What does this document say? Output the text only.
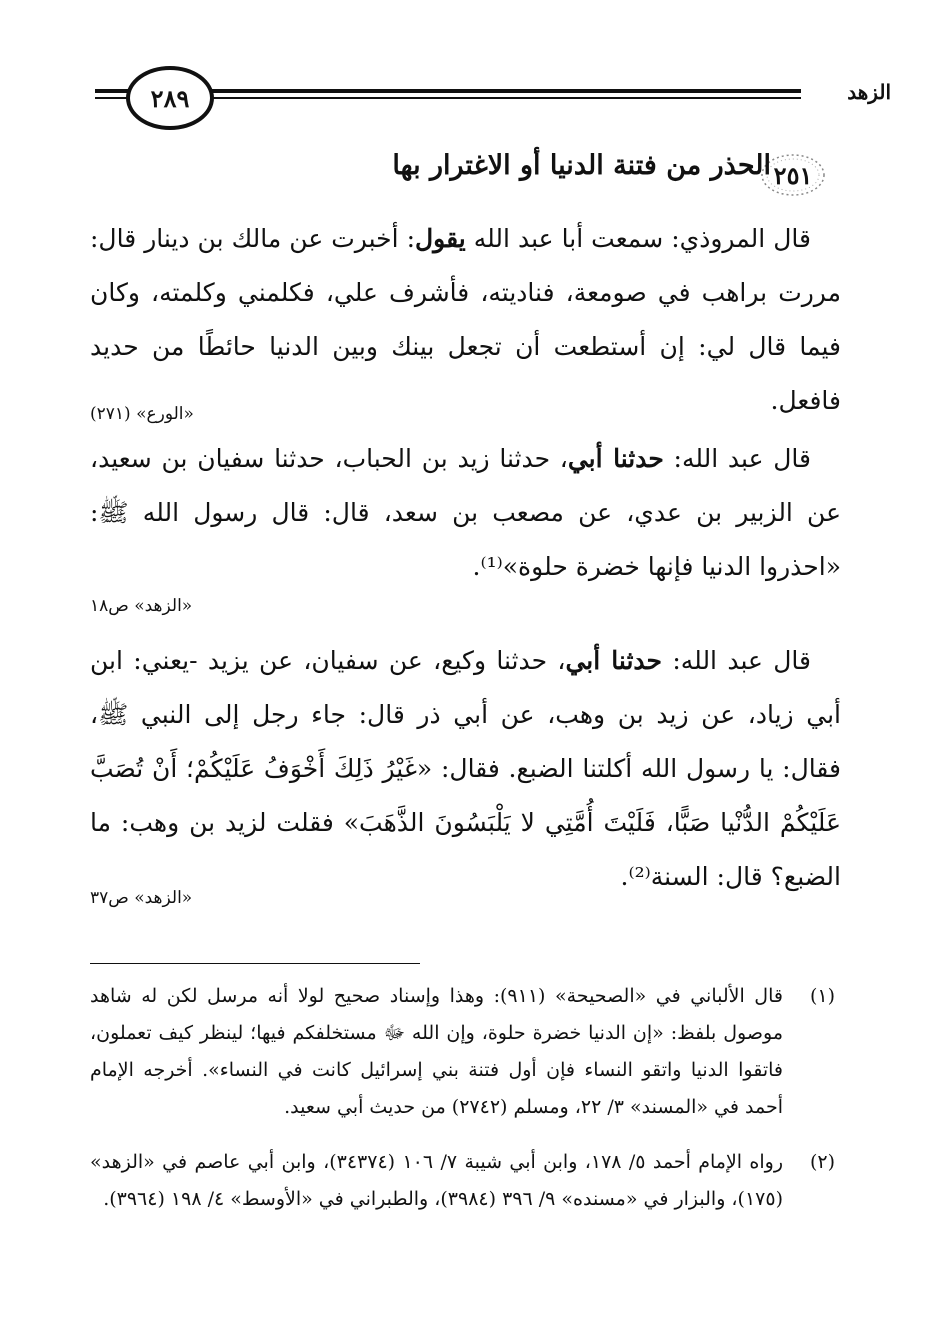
الزهد
٢٨٩
٢٥١
الحذر من فتنة الدنيا أو الاغترار بها
قال المروذي: سمعت أبا عبد الله يقول: أخبرت عن مالك بن دينار قال: مررت براهب في صومعة، فناديته، فأشرف علي، فكلمني وكلمته، وكان فيما قال لي: إن أستطعت أن تجعل بينك وبين الدنيا حائطًا من حديد فافعل.
«الورع» (٢٧١)
قال عبد الله: حدثنا أبي، حدثنا زيد بن الحباب، حدثنا سفيان بن سعيد، عن الزبير بن عدي، عن مصعب بن سعد، قال: قال رسول الله ﷺ: «احذروا الدنيا فإنها خضرة حلوة»⁽¹⁾.
«الزهد» ص١٨
قال عبد الله: حدثنا أبي، حدثنا وكيع، عن سفيان، عن يزيد -يعني: ابن أبي زياد، عن زيد بن وهب، عن أبي ذر قال: جاء رجل إلى النبي ﷺ، فقال: يا رسول الله أكلتنا الضبع. فقال: «غَيْرُ ذَلِكَ أَخْوَفُ عَلَيْكُمْ؛ أَنْ تُصَبَّ عَلَيْكُمْ الدُّنْيا صَبًّا، فَلَيْتَ أُمَّتِي لا يَلْبَسُونَ الذَّهَبَ» فقلت لزيد بن وهب: ما الضبع؟ قال: السنة⁽²⁾.
«الزهد» ص٣٧
(١)
قال الألباني في «الصحيحة» (٩١١): وهذا وإسناد صحيح لولا أنه مرسل لكن له شاهد موصول بلفظ: «إن الدنيا خضرة حلوة، وإن الله ﷻ مستخلفكم فيها؛ لينظر كيف تعملون، فاتقوا الدنيا واتقو النساء فإن أول فتنة بني إسرائيل كانت في النساء». أخرجه الإمام أحمد في «المسند» ٣/ ٢٢، ومسلم (٢٧٤٢) من حديث أبي سعيد.
(٢)
رواه الإمام أحمد ٥/ ١٧٨، وابن أبي شيبة ٧/ ١٠٦ (٣٤٣٧٤)، وابن أبي عاصم في «الزهد» (١٧٥)، والبزار في «مسنده» ٩/ ٣٩٦ (٣٩٨٤)، والطبراني في «الأوسط» ٤/ ١٩٨ (٣٩٦٤).
